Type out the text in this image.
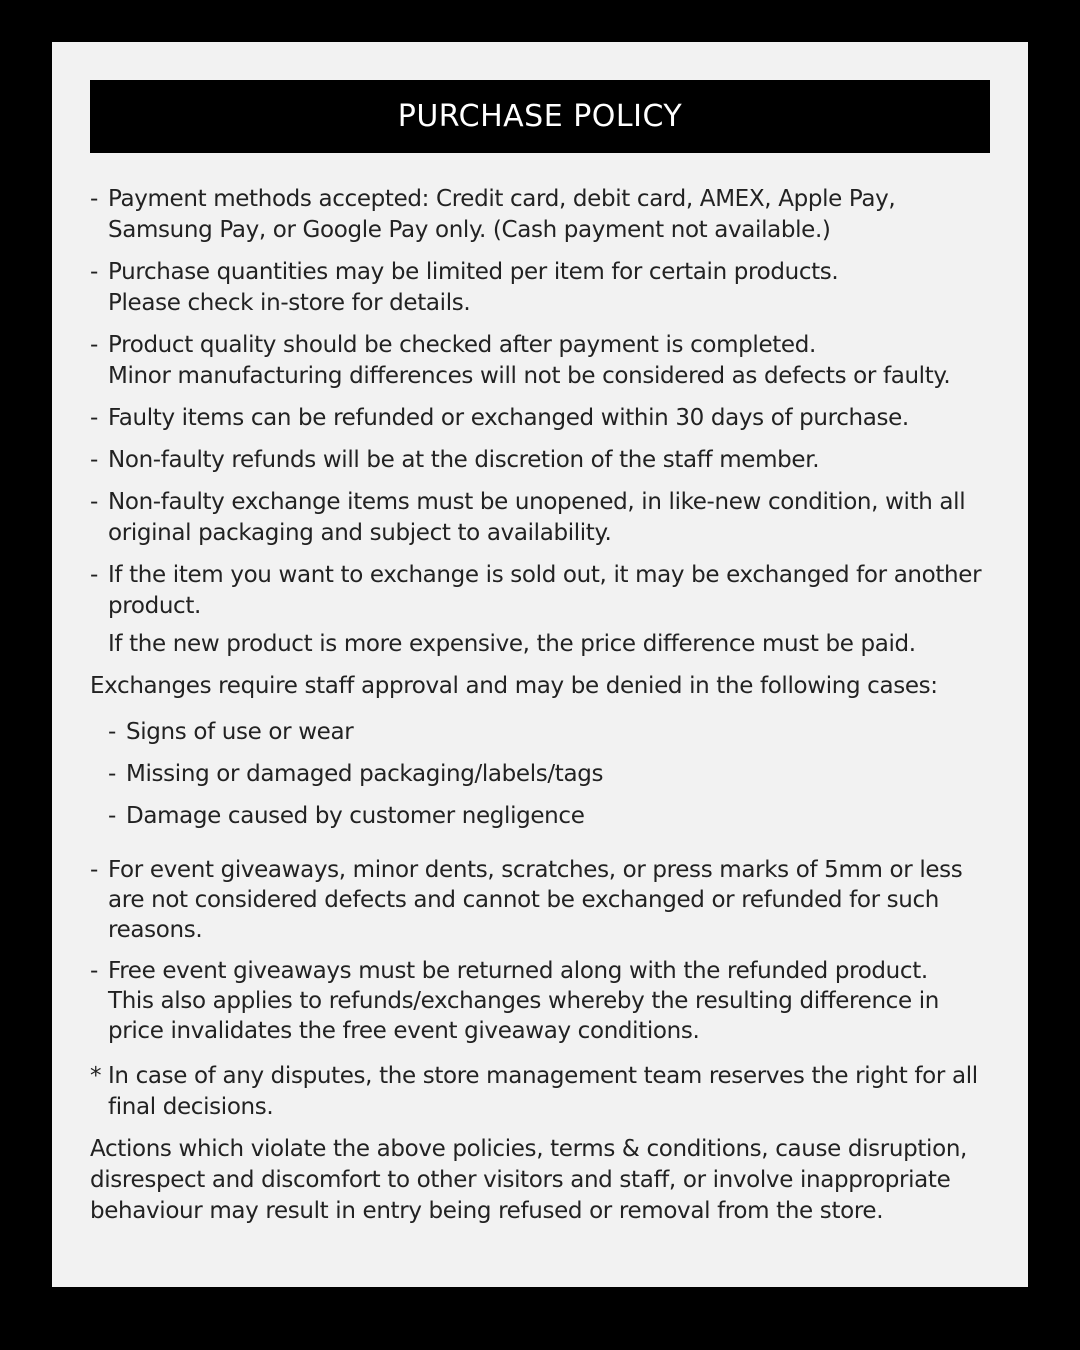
PURCHASE POLICY
- Payment methods accepted: Credit card, debit card, AMEX, Apple Pay,
Samsung Pay, or Google Pay only. (Cash payment not available.)
- Purchase quantities may be limited per item for certain products.
Please check in-store for details.
- Product quality should be checked after payment is completed.
Minor manufacturing differences will not be considered as defects or faulty.
- Faulty items can be refunded or exchanged within 30 days of purchase.
- Non-faulty refunds will be at the discretion of the staff member.
- Non-faulty exchange items must be unopened, in like-new condition, with all
original packaging and subject to availability.
- If the item you want to exchange is sold out, it may be exchanged for another
product.
If the new product is more expensive, the price difference must be paid.
Exchanges require staff approval and may be denied in the following cases:
- Signs of use or wear
- Missing or damaged packaging/labels/tags
- Damage caused by customer negligence
- For event giveaways, minor dents, scratches, or press marks of 5mm or less
are not considered defects and cannot be exchanged or refunded for such
reasons.
- Free event giveaways must be returned along with the refunded product.
This also applies to refunds/exchanges whereby the resulting difference in
price invalidates the free event giveaway conditions.
* In case of any disputes, the store management team reserves the right for all
final decisions.
Actions which violate the above policies, terms & conditions, cause disruption,
disrespect and discomfort to other visitors and staff, or involve inappropriate
behaviour may result in entry being refused or removal from the store.
